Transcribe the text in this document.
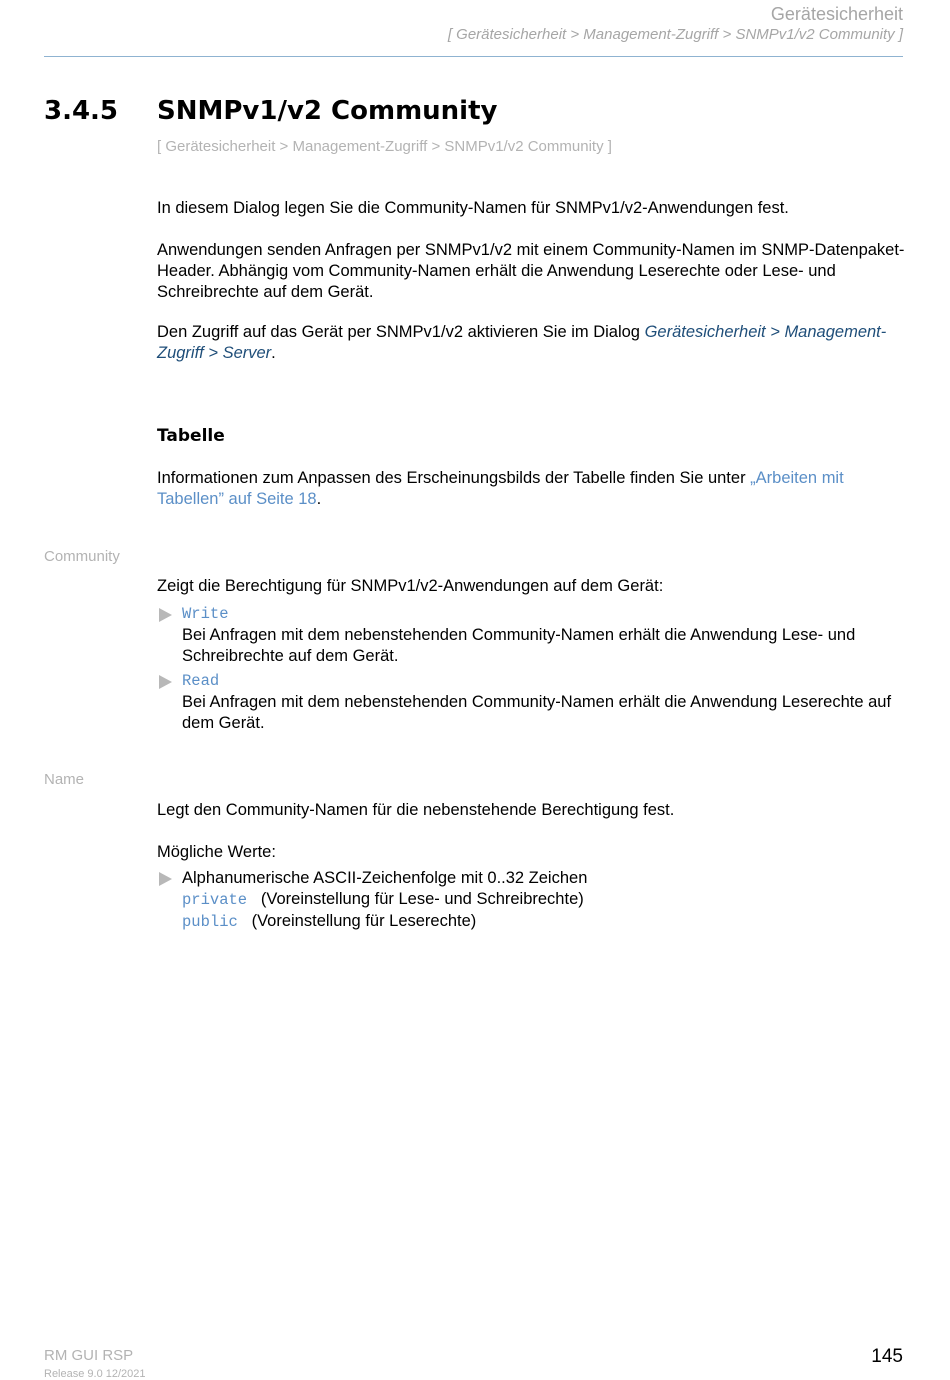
Gerätesicherheit
[ Gerätesicherheit > Management-Zugriff > SNMPv1/v2 Community ]
3.4.5 SNMPv1/v2 Community
[ Gerätesicherheit > Management-Zugriff > SNMPv1/v2 Community ]
In diesem Dialog legen Sie die Community-Namen für SNMPv1/v2-Anwendungen fest.
Anwendungen senden Anfragen per SNMPv1/v2 mit einem Community-Namen im SNMP-Datenpaket-Header. Abhängig vom Community-Namen erhält die Anwendung Leserechte oder Lese- und Schreibrechte auf dem Gerät.
Den Zugriff auf das Gerät per SNMPv1/v2 aktivieren Sie im Dialog Gerätesicherheit > Management-Zugriff > Server.
Tabelle
Informationen zum Anpassen des Erscheinungsbilds der Tabelle finden Sie unter „Arbeiten mit Tabellen” auf Seite 18.
Community
Zeigt die Berechtigung für SNMPv1/v2-Anwendungen auf dem Gerät:
Write
Bei Anfragen mit dem nebenstehenden Community-Namen erhält die Anwendung Lese- und Schreibrechte auf dem Gerät.
Read
Bei Anfragen mit dem nebenstehenden Community-Namen erhält die Anwendung Leserechte auf dem Gerät.
Name
Legt den Community-Namen für die nebenstehende Berechtigung fest.
Mögliche Werte:
Alphanumerische ASCII-Zeichenfolge mit 0..32 Zeichen
private (Voreinstellung für Lese- und Schreibrechte)
public (Voreinstellung für Leserechte)
RM GUI RSP
Release 9.0 12/2021
145
